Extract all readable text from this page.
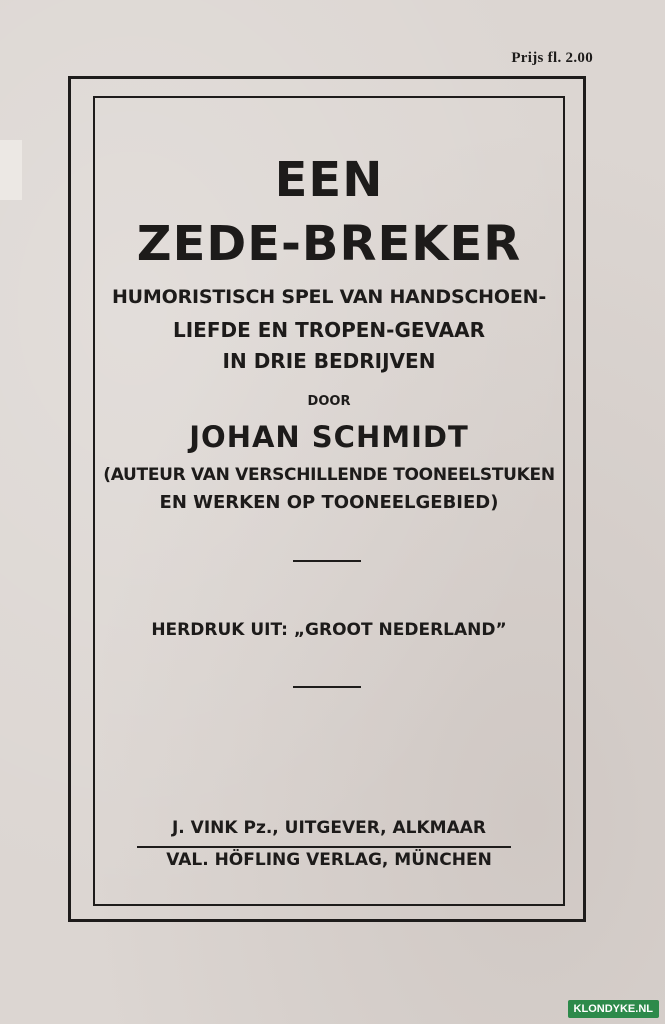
Prijs fl. 2.00
EEN
ZEDE-BREKER
HUMORISTISCH SPEL VAN HANDSCHOEN-
LIEFDE EN TROPEN-GEVAAR
IN DRIE BEDRIJVEN
DOOR
JOHAN SCHMIDT
(AUTEUR VAN VERSCHILLENDE TOONEELSTUKEN
EN WERKEN OP TOONEELGEBIED)
HERDRUK UIT: „GROOT NEDERLAND”
J. VINK Pz., UITGEVER, ALKMAAR
VAL. HÖFLING VERLAG, MÜNCHEN
KLONDYKE.NL
